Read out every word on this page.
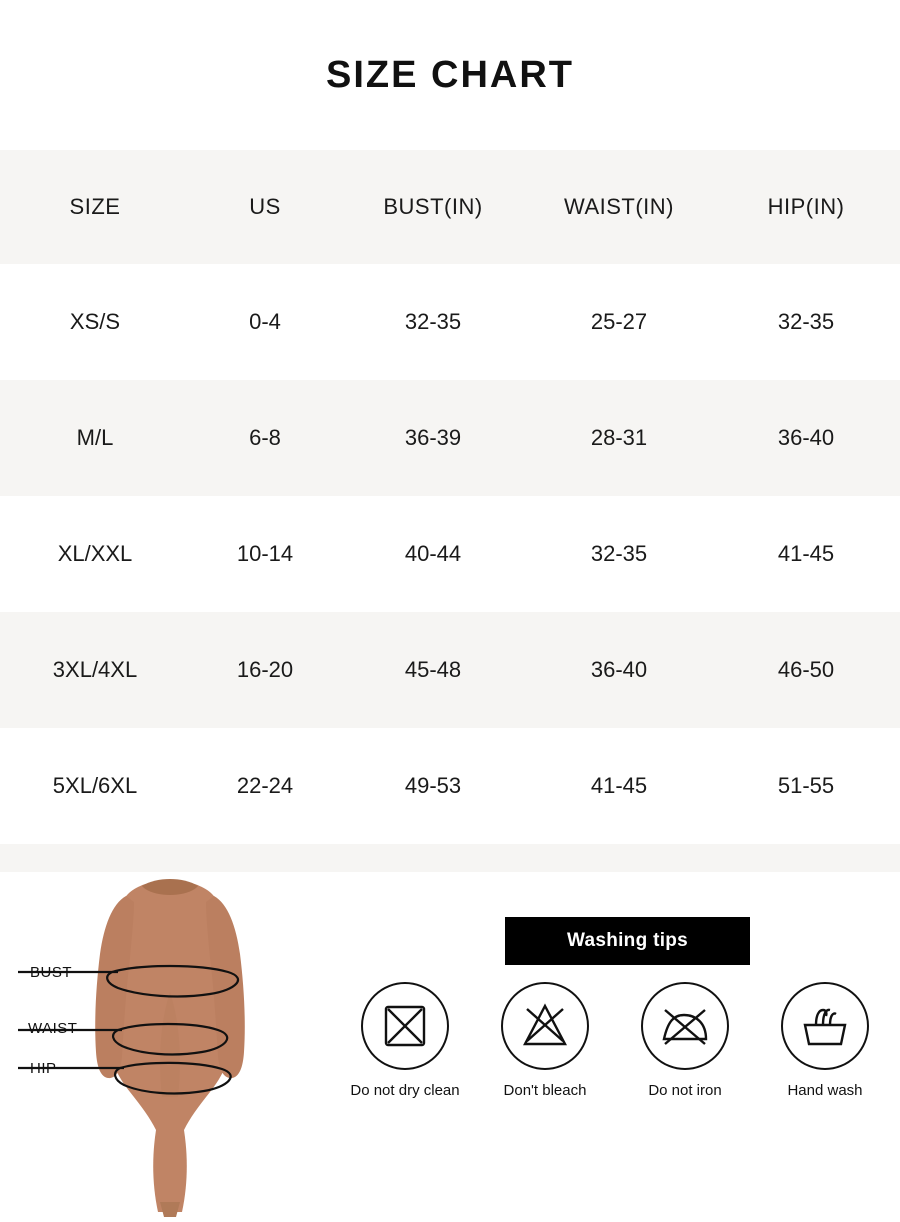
SIZE CHART
SIZE	US	BUST(IN)	WAIST(IN)	HIP(IN)
XS/S	0-4	32-35	25-27	32-35
M/L	6-8	36-39	28-31	36-40
XL/XXL	10-14	40-44	32-35	41-45
3XL/4XL	16-20	45-48	36-40	46-50
5XL/6XL	22-24	49-53	41-45	51-55
BUST
WAIST
HIP
Washing tips
Do not dry clean	Don't bleach	Do not iron	Hand wash
